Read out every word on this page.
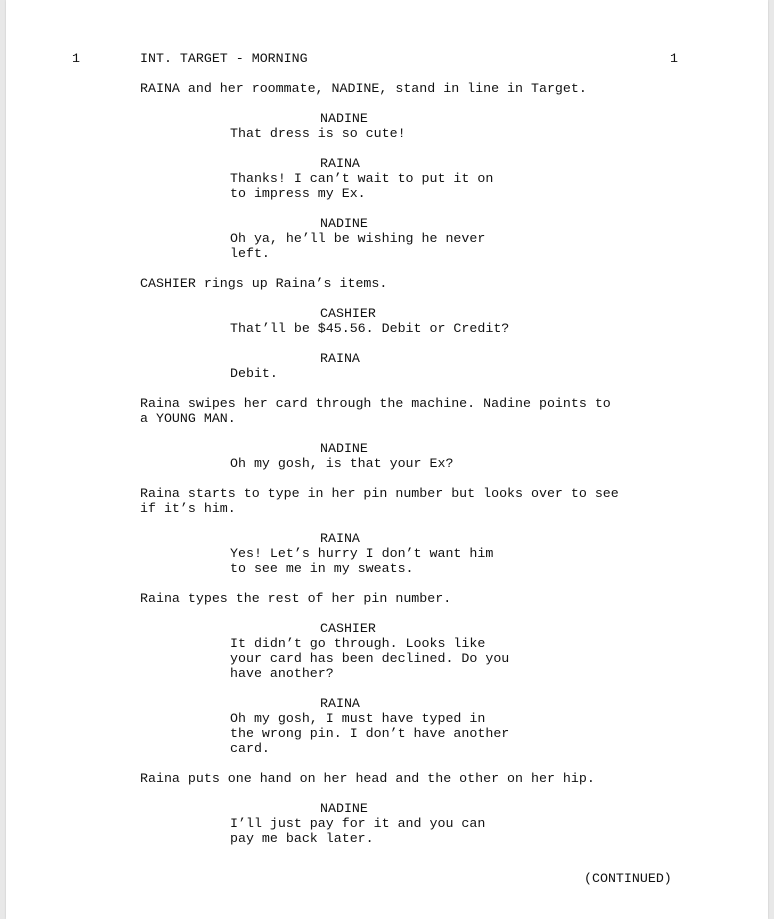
1	INT. TARGET - MORNING	1
RAINA and her roommate, NADINE, stand in line in Target.
NADINE
That dress is so cute!
RAINA
Thanks! I can’t wait to put it on
to impress my Ex.
NADINE
Oh ya, he’ll be wishing he never
left.
CASHIER rings up Raina’s items.
CASHIER
That’ll be $45.56. Debit or Credit?
RAINA
Debit.
Raina swipes her card through the machine. Nadine points to
a YOUNG MAN.
NADINE
Oh my gosh, is that your Ex?
Raina starts to type in her pin number but looks over to see
if it’s him.
RAINA
Yes! Let’s hurry I don’t want him
to see me in my sweats.
Raina types the rest of her pin number.
CASHIER
It didn’t go through. Looks like
your card has been declined. Do you
have another?
RAINA
Oh my gosh, I must have typed in
the wrong pin. I don’t have another
card.
Raina puts one hand on her head and the other on her hip.
NADINE
I’ll just pay for it and you can
pay me back later.
(CONTINUED)
